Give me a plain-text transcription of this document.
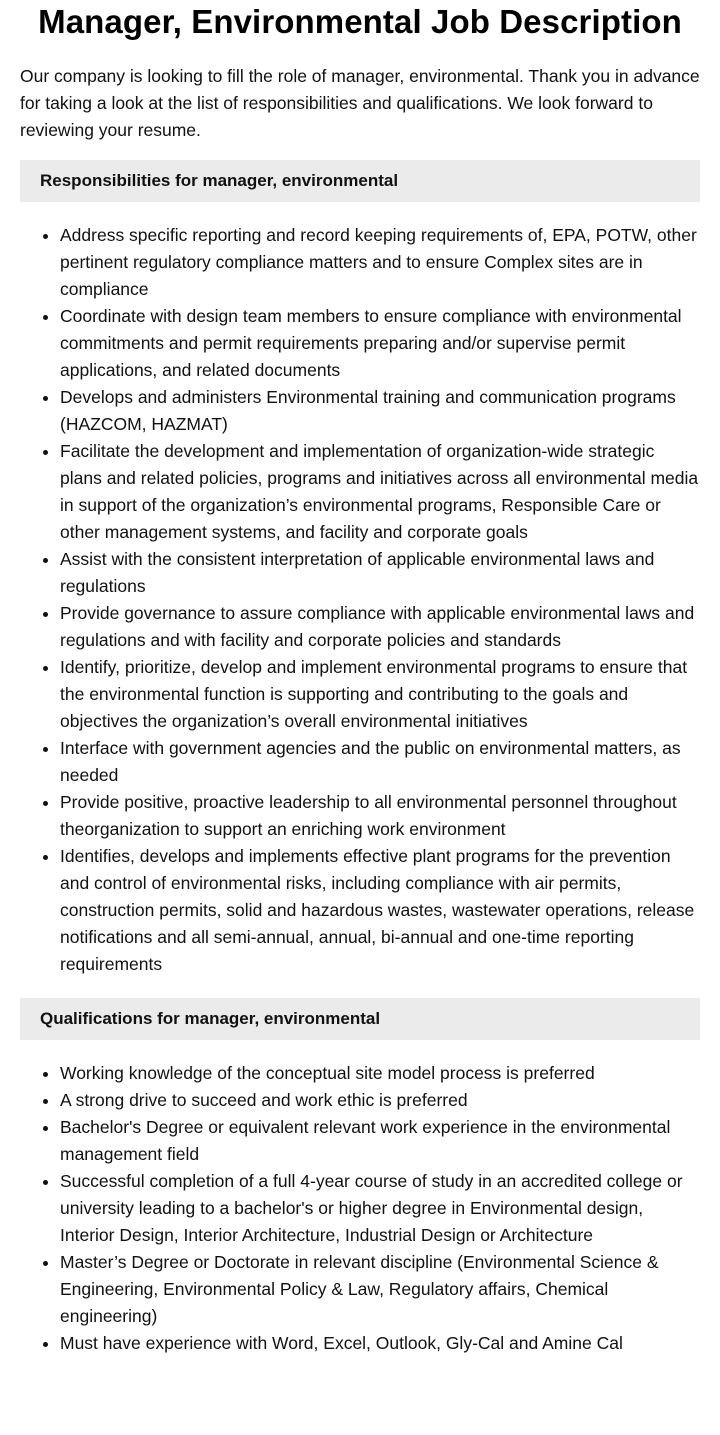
Manager, Environmental Job Description

Our company is looking to fill the role of manager, environmental. Thank you in advance for taking a look at the list of responsibilities and qualifications. We look forward to reviewing your resume.

Responsibilities for manager, environmental
• Address specific reporting and record keeping requirements of, EPA, POTW, other pertinent regulatory compliance matters and to ensure Complex sites are in compliance
• Coordinate with design team members to ensure compliance with environmental commitments and permit requirements preparing and/or supervise permit applications, and related documents
• Develops and administers Environmental training and communication programs (HAZCOM, HAZMAT)
• Facilitate the development and implementation of organization-wide strategic plans and related policies, programs and initiatives across all environmental media in support of the organization’s environmental programs, Responsible Care or other management systems, and facility and corporate goals
• Assist with the consistent interpretation of applicable environmental laws and regulations
• Provide governance to assure compliance with applicable environmental laws and regulations and with facility and corporate policies and standards
• Identify, prioritize, develop and implement environmental programs to ensure that the environmental function is supporting and contributing to the goals and objectives the organization’s overall environmental initiatives
• Interface with government agencies and the public on environmental matters, as needed
• Provide positive, proactive leadership to all environmental personnel throughout theorganization to support an enriching work environment
• Identifies, develops and implements effective plant programs for the prevention and control of environmental risks, including compliance with air permits, construction permits, solid and hazardous wastes, wastewater operations, release notifications and all semi-annual, annual, bi-annual and one-time reporting requirements
Qualifications for manager, environmental
• Working knowledge of the conceptual site model process is preferred
• A strong drive to succeed and work ethic is preferred
• Bachelor's Degree or equivalent relevant work experience in the environmental management field
• Successful completion of a full 4-year course of study in an accredited college or university leading to a bachelor's or higher degree in Environmental design, Interior Design, Interior Architecture, Industrial Design or Architecture
• Master’s Degree or Doctorate in relevant discipline (Environmental Science & Engineering, Environmental Policy & Law, Regulatory affairs, Chemical engineering)
• Must have experience with Word, Excel, Outlook, Gly-Cal and Amine Cal
